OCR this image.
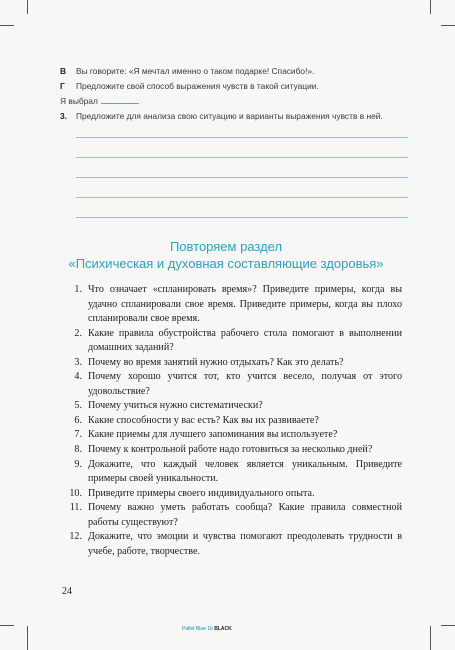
В Вы говорите: «Я мечтал именно о таком подарке! Спасибо!».
Г Предложите свой способ выражения чувств в такой ситуации.
Я выбрал
3. Предложите для анализа свою ситуацию и варианты выражения чувств в ней.
Повторяем раздел
«Психическая и духовная составляющие здоровья»
1. Что означает «спланировать время»? Приведите примеры, когда вы удачно спланировали свое время. Приведите примеры, когда вы плохо спланировали свое время.
2. Какие правила обустройства рабочего стола помогают в выполнении домашних заданий?
3. Почему во время занятий нужно отдыхать? Как это делать?
4. Почему хорошо учится тот, кто учится весело, получая от этого удовольствие?
5. Почему учиться нужно систематически?
6. Какие способности у вас есть? Как вы их развиваете?
7. Какие приемы для лучшего запоминания вы используете?
8. Почему к контрольной работе надо готовиться за несколько дней?
9. Докажите, что каждый человек является уникальным. Приведите примеры своей уникальности.
10. Приведите примеры своего индивидуального опыта.
11. Почему важно уметь работать сообща? Какие правила совместной работы существуют?
12. Докажите, что эмоции и чувства помогают преодолевать трудности в учебе, работе, творчестве.
24
Pallet Blue 1b BLACK
